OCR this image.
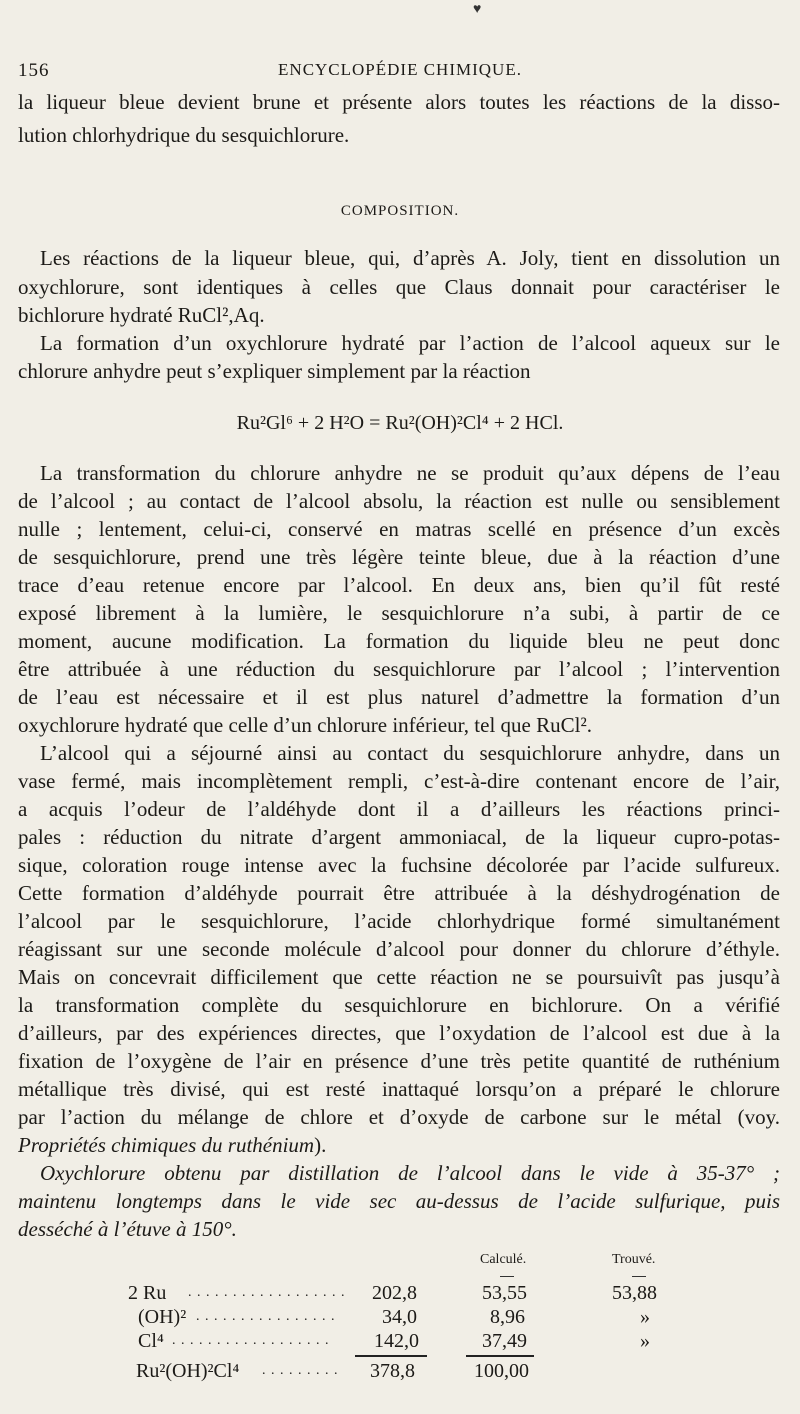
♥
156	ENCYCLOPÉDIE CHIMIQUE.
la liqueur bleue devient brune et présente alors toutes les réactions de la disso-
lution chlorhydrique du sesquichlorure.
COMPOSITION.
Les réactions de la liqueur bleue, qui, d’après A. Joly, tient en dissolution un
oxychlorure, sont identiques à celles que Claus donnait pour caractériser le
bichlorure hydraté RuCl²,Aq.
La formation d’un oxychlorure hydraté par l’action de l’alcool aqueux sur le
chlorure anhydre peut s’expliquer simplement par la réaction
Ru²Gl⁶ + 2 H²O = Ru²(OH)²Cl⁴ + 2 HCl.
La transformation du chlorure anhydre ne se produit qu’aux dépens de l’eau
de l’alcool ; au contact de l’alcool absolu, la réaction est nulle ou sensiblement
nulle ; lentement, celui-ci, conservé en matras scellé en présence d’un excès
de sesquichlorure, prend une très légère teinte bleue, due à la réaction d’une
trace d’eau retenue encore par l’alcool. En deux ans, bien qu’il fût resté
exposé librement à la lumière, le sesquichlorure n’a subi, à partir de ce
moment, aucune modification. La formation du liquide bleu ne peut donc
être attribuée à une réduction du sesquichlorure par l’alcool ; l’intervention
de l’eau est nécessaire et il est plus naturel d’admettre la formation d’un
oxychlorure hydraté que celle d’un chlorure inférieur, tel que RuCl².
L’alcool qui a séjourné ainsi au contact du sesquichlorure anhydre, dans un
vase fermé, mais incomplètement rempli, c’est-à-dire contenant encore de l’air,
a acquis l’odeur de l’aldéhyde dont il a d’ailleurs les réactions princi-
pales : réduction du nitrate d’argent ammoniacal, de la liqueur cupro-potas-
sique, coloration rouge intense avec la fuchsine décolorée par l’acide sulfureux.
Cette formation d’aldéhyde pourrait être attribuée à la déshydrogénation de
l’alcool par le sesquichlorure, l’acide chlorhydrique formé simultanément
réagissant sur une seconde molécule d’alcool pour donner du chlorure d’éthyle.
Mais on concevrait difficilement que cette réaction ne se poursuivît pas jusqu’à
la transformation complète du sesquichlorure en bichlorure. On a vérifié
d’ailleurs, par des expériences directes, que l’oxydation de l’alcool est due à la
fixation de l’oxygène de l’air en présence d’une très petite quantité de ruthénium
métallique très divisé, qui est resté inattaqué lorsqu’on a préparé le chlorure
par l’action du mélange de chlore et d’oxyde de carbone sur le métal (voy.
Propriétés chimiques du ruthénium).
Oxychlorure obtenu par distillation de l’alcool dans le vide à 35-37° ;
maintenu longtemps dans le vide sec au-dessus de l’acide sulfurique, puis
desséché à l’étuve à 150°.
Calculé.	Trouvé.
2 Ru . . . . . . . . . . . . . . . . . . 202,8	53,55	53,88
(OH)² . . . . . . . . . . . . . . . . 34,0	8,96	»
Cl⁴ . . . . . . . . . . . . . . . . . . 142,0	37,49	»
Ru²(OH)²Cl⁴ . . . . . . . . . 378,8	100,00
